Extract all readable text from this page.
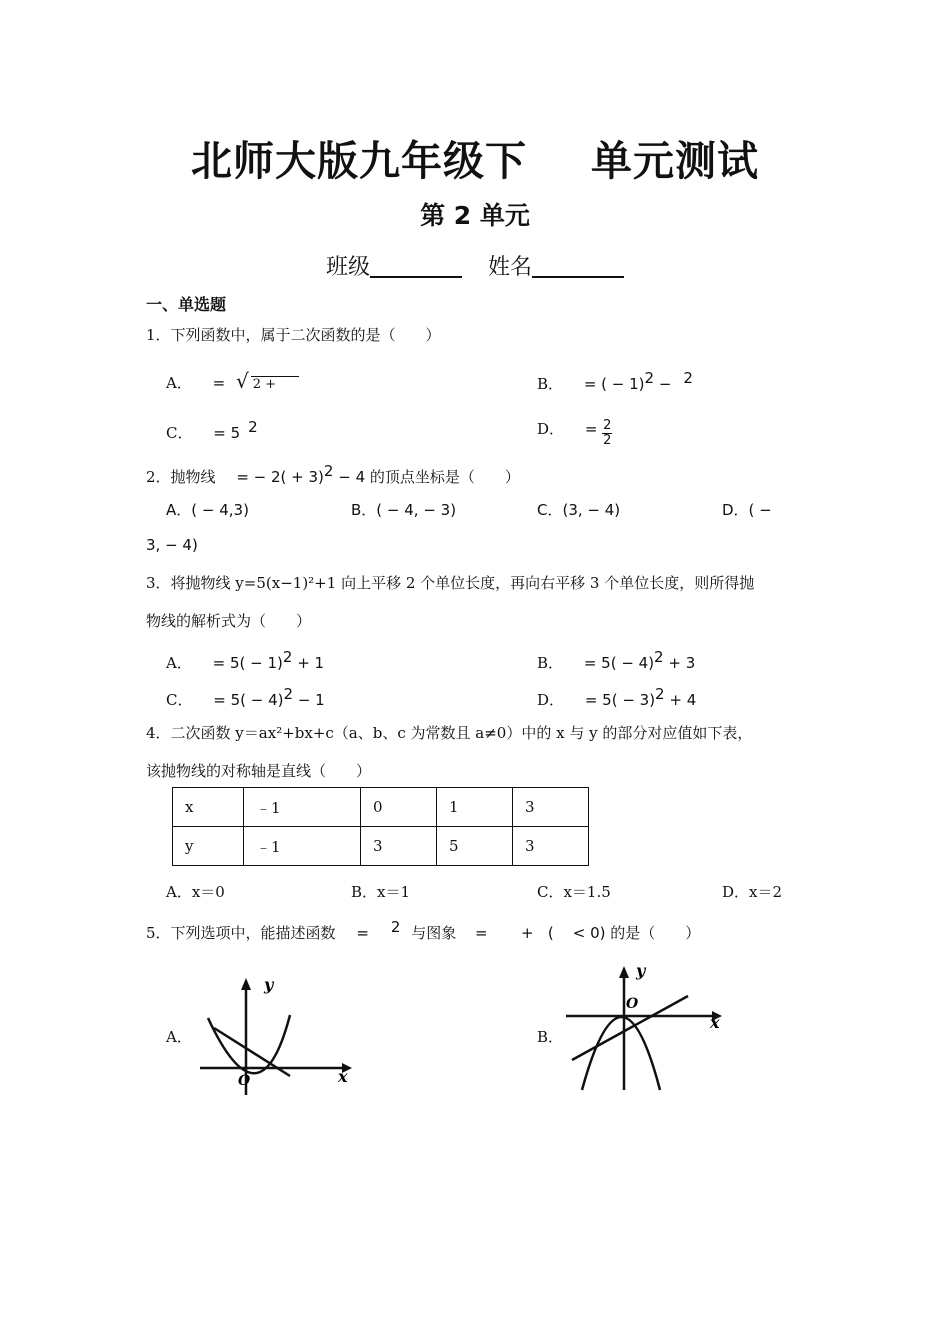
北师大版九年级下 单元测试
第 2 单元
班级	姓名
一、单选题
1．下列函数中，属于二次函数的是（　　）
A． = √ 2 +	B． = ( − 1)$^2$ − $^2$
C． = 5 $^2$	D． = $\frac{2}{2}$
2．抛物线 = − $2( + 3)^2 - 4$ 的顶点坐标是（　　）
A．( − 4,3)	B．( − 4, − 3)	C．(3, − 4)	D．( −
3, − 4)
3．将抛物线 y=5(x−1)²+1 向上平移 2 个单位长度，再向右平移 3 个单位长度，则所得抛
物线的解析式为（　　）
A． = $5( - 1)^2 + 1$	B． = $5( - 4)^2 + 3$
C． = $5( - 4)^2 - 1$	D． = $5( - 3)^2 + 4$
4．二次函数 y＝ax²+bx+c（a、b、c 为常数且 a≠0）中的 x 与 y 的部分对应值如下表，
该抛物线的对称轴是直线（　　）
x	﹣1	0	1	3
y	﹣1	3	5	3
A．x＝0	B．x＝1	C．x＝1.5	D．x＝2
5．下列选项中，能描述函数 = $^2$ 与图象 =       +   (    < 0) 的是（　　）
A．
y
x
O
B．
y
x
O
